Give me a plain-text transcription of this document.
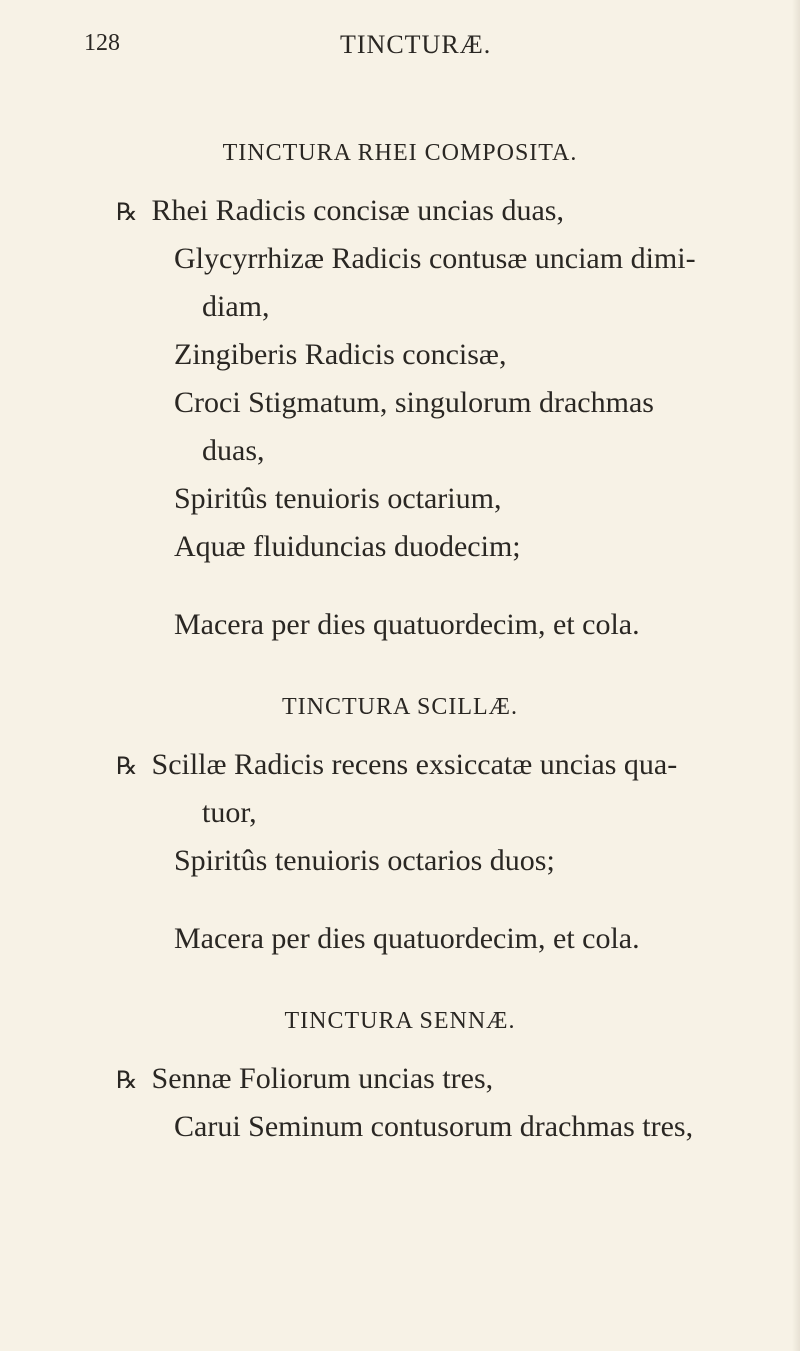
128	TINCTURÆ.
TINCTURA RHEI COMPOSITA.
℞ Rhei Radicis concisæ uncias duas,
Glycyrrhizæ Radicis contusæ unciam dimi-
diam,
Zingiberis Radicis concisæ,
Croci Stigmatum, singulorum drachmas
duas,
Spiritûs tenuioris octarium,
Aquæ fluiduncias duodecim;
Macera per dies quatuordecim, et cola.
TINCTURA SCILLÆ.
℞ Scillæ Radicis recens exsiccatæ uncias qua-
tuor,
Spiritûs tenuioris octarios duos;
Macera per dies quatuordecim, et cola.
TINCTURA SENNÆ.
℞ Sennæ Foliorum uncias tres,
Carui Seminum contusorum drachmas tres,
